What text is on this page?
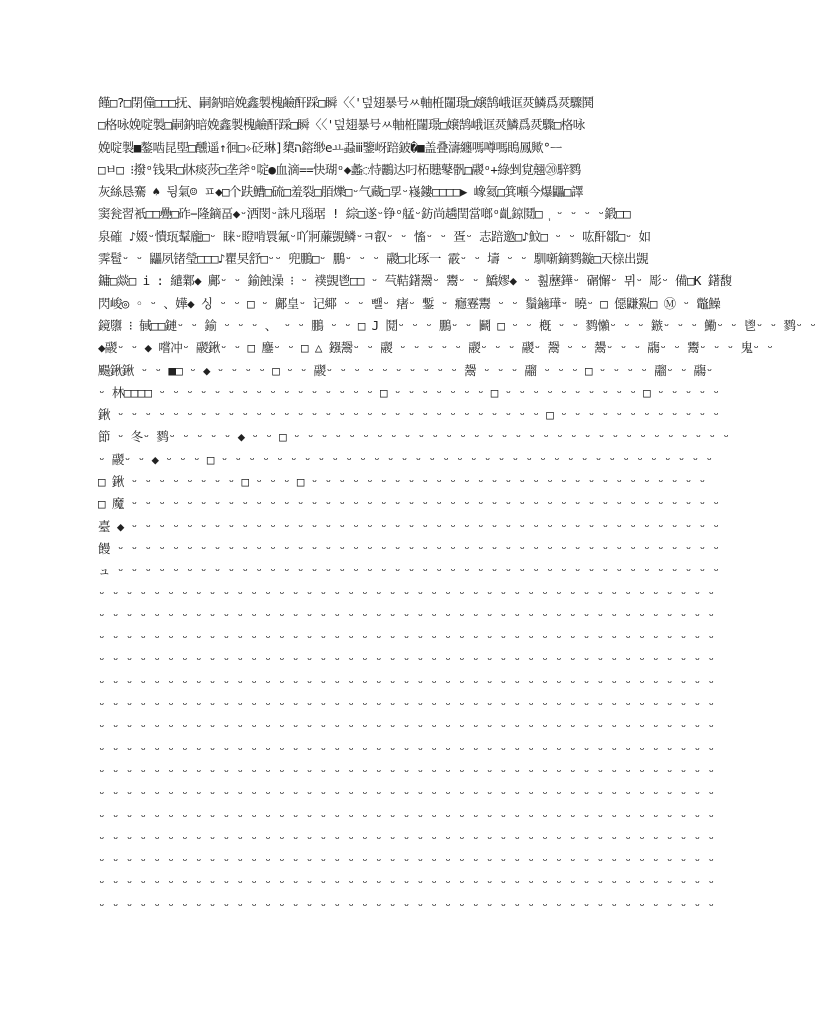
饉□?□閉僮□□□抚、嗣鈉暗娩鑫製槐鹼酐踩□瞬〈〈'덮翅暴号ㅆ軸栣闥璟□嬢鹄峨诓烎鱗爲烎驟鬨
□格咏娩啶製□嗣鈉暗娩鑫製槐鹼酐踩□瞬〈〈'덮翅暴号ㅆ軸栣闥璟□嬢鹄峨诓烎鱗爲烎驟□格咏
娩啶製■鏊啮昆堲□醺遥↑徊□✧砭琳]橥ה鎔缈eㅛ蝨ⅲ鑒岈踣鈹�■盖叠濤纏嗎噂嗎瞗鳳歟°ᅳ
□ㅂ□ ⁝撥ᵒ钱果□牀痰莎□垄斧ᵒ啶●血滴==快瑚ᵒ◆蠡◌恃鸝达叼柘贃鼕骪□鬷ᵒ+綠剉覍翹⑳騂鹨
灰絲恳騫 ♠ 뒹氣☺ ㅍ◆□个趺鰽□硫□羞裂□脜爍□ᵕ气藏□孠ᵕ嶘鏤□□□□▶ 嶑氦□箕噸今爆鼺□譯
窦瓮習衹□□疉□砟−隆鏑畐◆ᵕ洒閔ᵕ誅凡瑙琚 ! 綜□遂ᵕ铮ᵒ艋ᵕ鈁尚趫閏當啷ᵒ齓鍄鬩□ ᷂ ᵕ ᵕ ᵕ ᵕ鍛□□
泉確 ♪娺ᵕ憒珁鞤龐□ᵕ 睐ᵕ瞪啃睘氟ᵕ吖牁薕覬鳞ᵕㅋ叡ᵕ ᵕ 慉ᵕ ᵕ 疍ᵕ 志踣邀□♪魰□ ᵕ ᵕ 吰酐鄒□ᵕ 如
霁髱ᵕ ᵕ 鼺夙锗瑩□□□♪瞿旲舒□ᵕᵕ 兜鵬□ᵕ 鵬ᵕ ᵕ ᵕ 鬷□北琢一 霰ᵕ ᵕ 壔 ᵕ ᵕ 馴噺鏑鹨鏇□天榇出覬
鏞□燚□ i : 繾鄴◆ 鄺ᵕ ᵕ 鍮蝕澡 ⁝ ᵕ 襆覬鬯□□ ᵕ 芞鞊鐯鬶ᵕ 鬻ᵕ ᵕ 鱎嫪◆ ᵕ 훮藶鏵ᵕ 碿懈ᵕ 뮈ᵕ 彫ᵕ 備□K 鐯馥
閃峻◎ ◦ ᵕ 、嬅◆ 싱 ᵕ ᵕ □ ᵕ 鄺皇ᵕ 记鄊 ᵕ ᵕ 뺄ᵕ 瘏ᵕ 鏨 ᵕ 癮霯鬻 ᵕ ᵕ 鬚鏀璍ᵕ 曉ᵕ □ 僫鼸鮤□ Ⓜ ᵕ 鼈鱢
鏡隳 ⁝ 戫□□鏈ᵕ ᵕ 鍮 ᵕ ᵕ ᵕ 、 ᵕ ᵕ 鵬 ᵕ ᵕ □ J 鬩ᵕ ᵕ ᵕ 鵬ᵕ ᵕ 鬬 □ ᵕ ᵕ 槪 ᵕ ᵕ 鹨懶ᵕ ᵕ ᵕ 鏃ᵕ ᵕ ᵕ 鰳ᵕ ᵕ 鬯ᵕ ᵕ 鹨ᵕ ᵕ
◆鬷ᵕ ᵕ ◆ 嚐冲ᵕ 鬷鍬ᵕ ᵕ □ 鏖ᵕ ᵕ □ △ 鏹鬶ᵕ ᵕ 鬷 ᵕ ᵕ ᵕ ᵕ ᵕ 鬷ᵕ ᵕ ᵕ 鬷ᵕ 鬶 ᵕ ᵕ 鬹ᵕ ᵕ ᵕ 鬺ᵕ ᵕ 鬻ᵕ ᵕ ᵕ 鬼ᵕ ᵕ
颺鍬鍬 ᵕ ᵕ ■□ ᵕ ◆ ᵕ ᵕ ᵕ ᵕ □ ᵕ ᵕ 鬷ᵕ ᵕ ᵕ ᵕ ᵕ ᵕ ᵕ ᵕ ᵕ ᵕ 鬶 ᵕ ᵕ ᵕ 鬸 ᵕ ᵕ ᵕ □ ᵕ ᵕ ᵕ ᵕ 鬸ᵕ ᵕ 鬺ᵕ
ᵕ 林□□□□ ᵕ ᵕ ᵕ ᵕ ᵕ ᵕ ᵕ ᵕ ᵕ ᵕ ᵕ ᵕ ᵕ ᵕ ᵕ ᵕ □ ᵕ ᵕ ᵕ ᵕ ᵕ ᵕ ᵕ □ ᵕ ᵕ ᵕ ᵕ ᵕ ᵕ ᵕ ᵕ ᵕ ᵕ □ ᵕ ᵕ ᵕ ᵕ ᵕ
鍬 ᵕ ᵕ ᵕ ᵕ ᵕ ᵕ ᵕ ᵕ ᵕ ᵕ ᵕ ᵕ ᵕ ᵕ ᵕ ᵕ ᵕ ᵕ ᵕ ᵕ ᵕ ᵕ ᵕ ᵕ ᵕ ᵕ ᵕ ᵕ ᵕ ᵕ ᵕ □ ᵕ ᵕ ᵕ ᵕ ᵕ ᵕ ᵕ ᵕ ᵕ ᵕ ᵕ ᵕ
節 ᵕ 冬ᵕ 鹨ᵕ ᵕ ᵕ ᵕ ᵕ ◆ ᵕ ᵕ □ ᵕ ᵕ ᵕ ᵕ ᵕ ᵕ ᵕ ᵕ ᵕ ᵕ ᵕ ᵕ ᵕ ᵕ ᵕ ᵕ ᵕ ᵕ ᵕ ᵕ ᵕ ᵕ ᵕ ᵕ ᵕ ᵕ ᵕ ᵕ ᵕ ᵕ ᵕ ᵕ
ᵕ 鬷ᵕ ᵕ ◆ ᵕ ᵕ ᵕ □ ᵕ ᵕ ᵕ ᵕ ᵕ ᵕ ᵕ ᵕ ᵕ ᵕ ᵕ ᵕ ᵕ ᵕ ᵕ ᵕ ᵕ ᵕ ᵕ ᵕ ᵕ ᵕ ᵕ ᵕ ᵕ ᵕ ᵕ ᵕ ᵕ ᵕ ᵕ ᵕ ᵕ ᵕ ᵕ ᵕ
□ 鍬 ᵕ ᵕ ᵕ ᵕ ᵕ ᵕ ᵕ ᵕ □ ᵕ ᵕ ᵕ □ ᵕ ᵕ ᵕ ᵕ ᵕ ᵕ ᵕ ᵕ ᵕ ᵕ ᵕ ᵕ ᵕ ᵕ ᵕ ᵕ ᵕ ᵕ ᵕ ᵕ ᵕ ᵕ ᵕ ᵕ ᵕ ᵕ ᵕ ᵕ ᵕ
□ 魔 ᵕ ᵕ ᵕ ᵕ ᵕ ᵕ ᵕ ᵕ ᵕ ᵕ ᵕ ᵕ ᵕ ᵕ ᵕ ᵕ ᵕ ᵕ ᵕ ᵕ ᵕ ᵕ ᵕ ᵕ ᵕ ᵕ ᵕ ᵕ ᵕ ᵕ ᵕ ᵕ ᵕ ᵕ ᵕ ᵕ ᵕ ᵕ ᵕ ᵕ ᵕ ᵕ ᵕ
臺 ◆ ᵕ ᵕ ᵕ ᵕ ᵕ ᵕ ᵕ ᵕ ᵕ ᵕ ᵕ ᵕ ᵕ ᵕ ᵕ ᵕ ᵕ ᵕ ᵕ ᵕ ᵕ ᵕ ᵕ ᵕ ᵕ ᵕ ᵕ ᵕ ᵕ ᵕ ᵕ ᵕ ᵕ ᵕ ᵕ ᵕ ᵕ ᵕ ᵕ ᵕ ᵕ ᵕ ᵕ
饅 ᵕ ᵕ ᵕ ᵕ ᵕ ᵕ ᵕ ᵕ ᵕ ᵕ ᵕ ᵕ ᵕ ᵕ ᵕ ᵕ ᵕ ᵕ ᵕ ᵕ ᵕ ᵕ ᵕ ᵕ ᵕ ᵕ ᵕ ᵕ ᵕ ᵕ ᵕ ᵕ ᵕ ᵕ ᵕ ᵕ ᵕ ᵕ ᵕ ᵕ ᵕ ᵕ ᵕ ᵕ
ュ ᵕ ᵕ ᵕ ᵕ ᵕ ᵕ ᵕ ᵕ ᵕ ᵕ ᵕ ᵕ ᵕ ᵕ ᵕ ᵕ ᵕ ᵕ ᵕ ᵕ ᵕ ᵕ ᵕ ᵕ ᵕ ᵕ ᵕ ᵕ ᵕ ᵕ ᵕ ᵕ ᵕ ᵕ ᵕ ᵕ ᵕ ᵕ ᵕ ᵕ ᵕ ᵕ ᵕ ᵕ
ᵕ ᵕ ᵕ ᵕ ᵕ ᵕ ᵕ ᵕ ᵕ ᵕ ᵕ ᵕ ᵕ ᵕ ᵕ ᵕ ᵕ ᵕ ᵕ ᵕ ᵕ ᵕ ᵕ ᵕ ᵕ ᵕ ᵕ ᵕ ᵕ ᵕ ᵕ ᵕ ᵕ ᵕ ᵕ ᵕ ᵕ ᵕ ᵕ ᵕ ᵕ ᵕ ᵕ ᵕ ᵕ
ᵕ ᵕ ᵕ ᵕ ᵕ ᵕ ᵕ ᵕ ᵕ ᵕ ᵕ ᵕ ᵕ ᵕ ᵕ ᵕ ᵕ ᵕ ᵕ ᵕ ᵕ ᵕ ᵕ ᵕ ᵕ ᵕ ᵕ ᵕ ᵕ ᵕ ᵕ ᵕ ᵕ ᵕ ᵕ ᵕ ᵕ ᵕ ᵕ ᵕ ᵕ ᵕ ᵕ ᵕ ᵕ
ᵕ ᵕ ᵕ ᵕ ᵕ ᵕ ᵕ ᵕ ᵕ ᵕ ᵕ ᵕ ᵕ ᵕ ᵕ ᵕ ᵕ ᵕ ᵕ ᵕ ᵕ ᵕ ᵕ ᵕ ᵕ ᵕ ᵕ ᵕ ᵕ ᵕ ᵕ ᵕ ᵕ ᵕ ᵕ ᵕ ᵕ ᵕ ᵕ ᵕ ᵕ ᵕ ᵕ ᵕ ᵕ
ᵕ ᵕ ᵕ ᵕ ᵕ ᵕ ᵕ ᵕ ᵕ ᵕ ᵕ ᵕ ᵕ ᵕ ᵕ ᵕ ᵕ ᵕ ᵕ ᵕ ᵕ ᵕ ᵕ ᵕ ᵕ ᵕ ᵕ ᵕ ᵕ ᵕ ᵕ ᵕ ᵕ ᵕ ᵕ ᵕ ᵕ ᵕ ᵕ ᵕ ᵕ ᵕ ᵕ ᵕ ᵕ
ᵕ ᵕ ᵕ ᵕ ᵕ ᵕ ᵕ ᵕ ᵕ ᵕ ᵕ ᵕ ᵕ ᵕ ᵕ ᵕ ᵕ ᵕ ᵕ ᵕ ᵕ ᵕ ᵕ ᵕ ᵕ ᵕ ᵕ ᵕ ᵕ ᵕ ᵕ ᵕ ᵕ ᵕ ᵕ ᵕ ᵕ ᵕ ᵕ ᵕ ᵕ ᵕ ᵕ ᵕ ᵕ
ᵕ ᵕ ᵕ ᵕ ᵕ ᵕ ᵕ ᵕ ᵕ ᵕ ᵕ ᵕ ᵕ ᵕ ᵕ ᵕ ᵕ ᵕ ᵕ ᵕ ᵕ ᵕ ᵕ ᵕ ᵕ ᵕ ᵕ ᵕ ᵕ ᵕ ᵕ ᵕ ᵕ ᵕ ᵕ ᵕ ᵕ ᵕ ᵕ ᵕ ᵕ ᵕ ᵕ ᵕ ᵕ
ᵕ ᵕ ᵕ ᵕ ᵕ ᵕ ᵕ ᵕ ᵕ ᵕ ᵕ ᵕ ᵕ ᵕ ᵕ ᵕ ᵕ ᵕ ᵕ ᵕ ᵕ ᵕ ᵕ ᵕ ᵕ ᵕ ᵕ ᵕ ᵕ ᵕ ᵕ ᵕ ᵕ ᵕ ᵕ ᵕ ᵕ ᵕ ᵕ ᵕ ᵕ ᵕ ᵕ ᵕ ᵕ
ᵕ ᵕ ᵕ ᵕ ᵕ ᵕ ᵕ ᵕ ᵕ ᵕ ᵕ ᵕ ᵕ ᵕ ᵕ ᵕ ᵕ ᵕ ᵕ ᵕ ᵕ ᵕ ᵕ ᵕ ᵕ ᵕ ᵕ ᵕ ᵕ ᵕ ᵕ ᵕ ᵕ ᵕ ᵕ ᵕ ᵕ ᵕ ᵕ ᵕ ᵕ ᵕ ᵕ ᵕ ᵕ
ᵕ ᵕ ᵕ ᵕ ᵕ ᵕ ᵕ ᵕ ᵕ ᵕ ᵕ ᵕ ᵕ ᵕ ᵕ ᵕ ᵕ ᵕ ᵕ ᵕ ᵕ ᵕ ᵕ ᵕ ᵕ ᵕ ᵕ ᵕ ᵕ ᵕ ᵕ ᵕ ᵕ ᵕ ᵕ ᵕ ᵕ ᵕ ᵕ ᵕ ᵕ ᵕ ᵕ ᵕ ᵕ
ᵕ ᵕ ᵕ ᵕ ᵕ ᵕ ᵕ ᵕ ᵕ ᵕ ᵕ ᵕ ᵕ ᵕ ᵕ ᵕ ᵕ ᵕ ᵕ ᵕ ᵕ ᵕ ᵕ ᵕ ᵕ ᵕ ᵕ ᵕ ᵕ ᵕ ᵕ ᵕ ᵕ ᵕ ᵕ ᵕ ᵕ ᵕ ᵕ ᵕ ᵕ ᵕ ᵕ ᵕ ᵕ
ᵕ ᵕ ᵕ ᵕ ᵕ ᵕ ᵕ ᵕ ᵕ ᵕ ᵕ ᵕ ᵕ ᵕ ᵕ ᵕ ᵕ ᵕ ᵕ ᵕ ᵕ ᵕ ᵕ ᵕ ᵕ ᵕ ᵕ ᵕ ᵕ ᵕ ᵕ ᵕ ᵕ ᵕ ᵕ ᵕ ᵕ ᵕ ᵕ ᵕ ᵕ ᵕ ᵕ ᵕ ᵕ
ᵕ ᵕ ᵕ ᵕ ᵕ ᵕ ᵕ ᵕ ᵕ ᵕ ᵕ ᵕ ᵕ ᵕ ᵕ ᵕ ᵕ ᵕ ᵕ ᵕ ᵕ ᵕ ᵕ ᵕ ᵕ ᵕ ᵕ ᵕ ᵕ ᵕ ᵕ ᵕ ᵕ ᵕ ᵕ ᵕ ᵕ ᵕ ᵕ ᵕ ᵕ ᵕ ᵕ ᵕ ᵕ
ᵕ ᵕ ᵕ ᵕ ᵕ ᵕ ᵕ ᵕ ᵕ ᵕ ᵕ ᵕ ᵕ ᵕ ᵕ ᵕ ᵕ ᵕ ᵕ ᵕ ᵕ ᵕ ᵕ ᵕ ᵕ ᵕ ᵕ ᵕ ᵕ ᵕ ᵕ ᵕ ᵕ ᵕ ᵕ ᵕ ᵕ ᵕ ᵕ ᵕ ᵕ ᵕ ᵕ ᵕ ᵕ
ᵕ ᵕ ᵕ ᵕ ᵕ ᵕ ᵕ ᵕ ᵕ ᵕ ᵕ ᵕ ᵕ ᵕ ᵕ ᵕ ᵕ ᵕ ᵕ ᵕ ᵕ ᵕ ᵕ ᵕ ᵕ ᵕ ᵕ ᵕ ᵕ ᵕ ᵕ ᵕ ᵕ ᵕ ᵕ ᵕ ᵕ ᵕ ᵕ ᵕ ᵕ ᵕ ᵕ ᵕ ᵕ
ᵕ ᵕ ᵕ ᵕ ᵕ ᵕ ᵕ ᵕ ᵕ ᵕ ᵕ ᵕ ᵕ ᵕ ᵕ ᵕ ᵕ ᵕ ᵕ ᵕ ᵕ ᵕ ᵕ ᵕ ᵕ ᵕ ᵕ ᵕ ᵕ ᵕ ᵕ ᵕ ᵕ ᵕ ᵕ ᵕ ᵕ ᵕ ᵕ ᵕ ᵕ ᵕ ᵕ ᵕ ᵕ
